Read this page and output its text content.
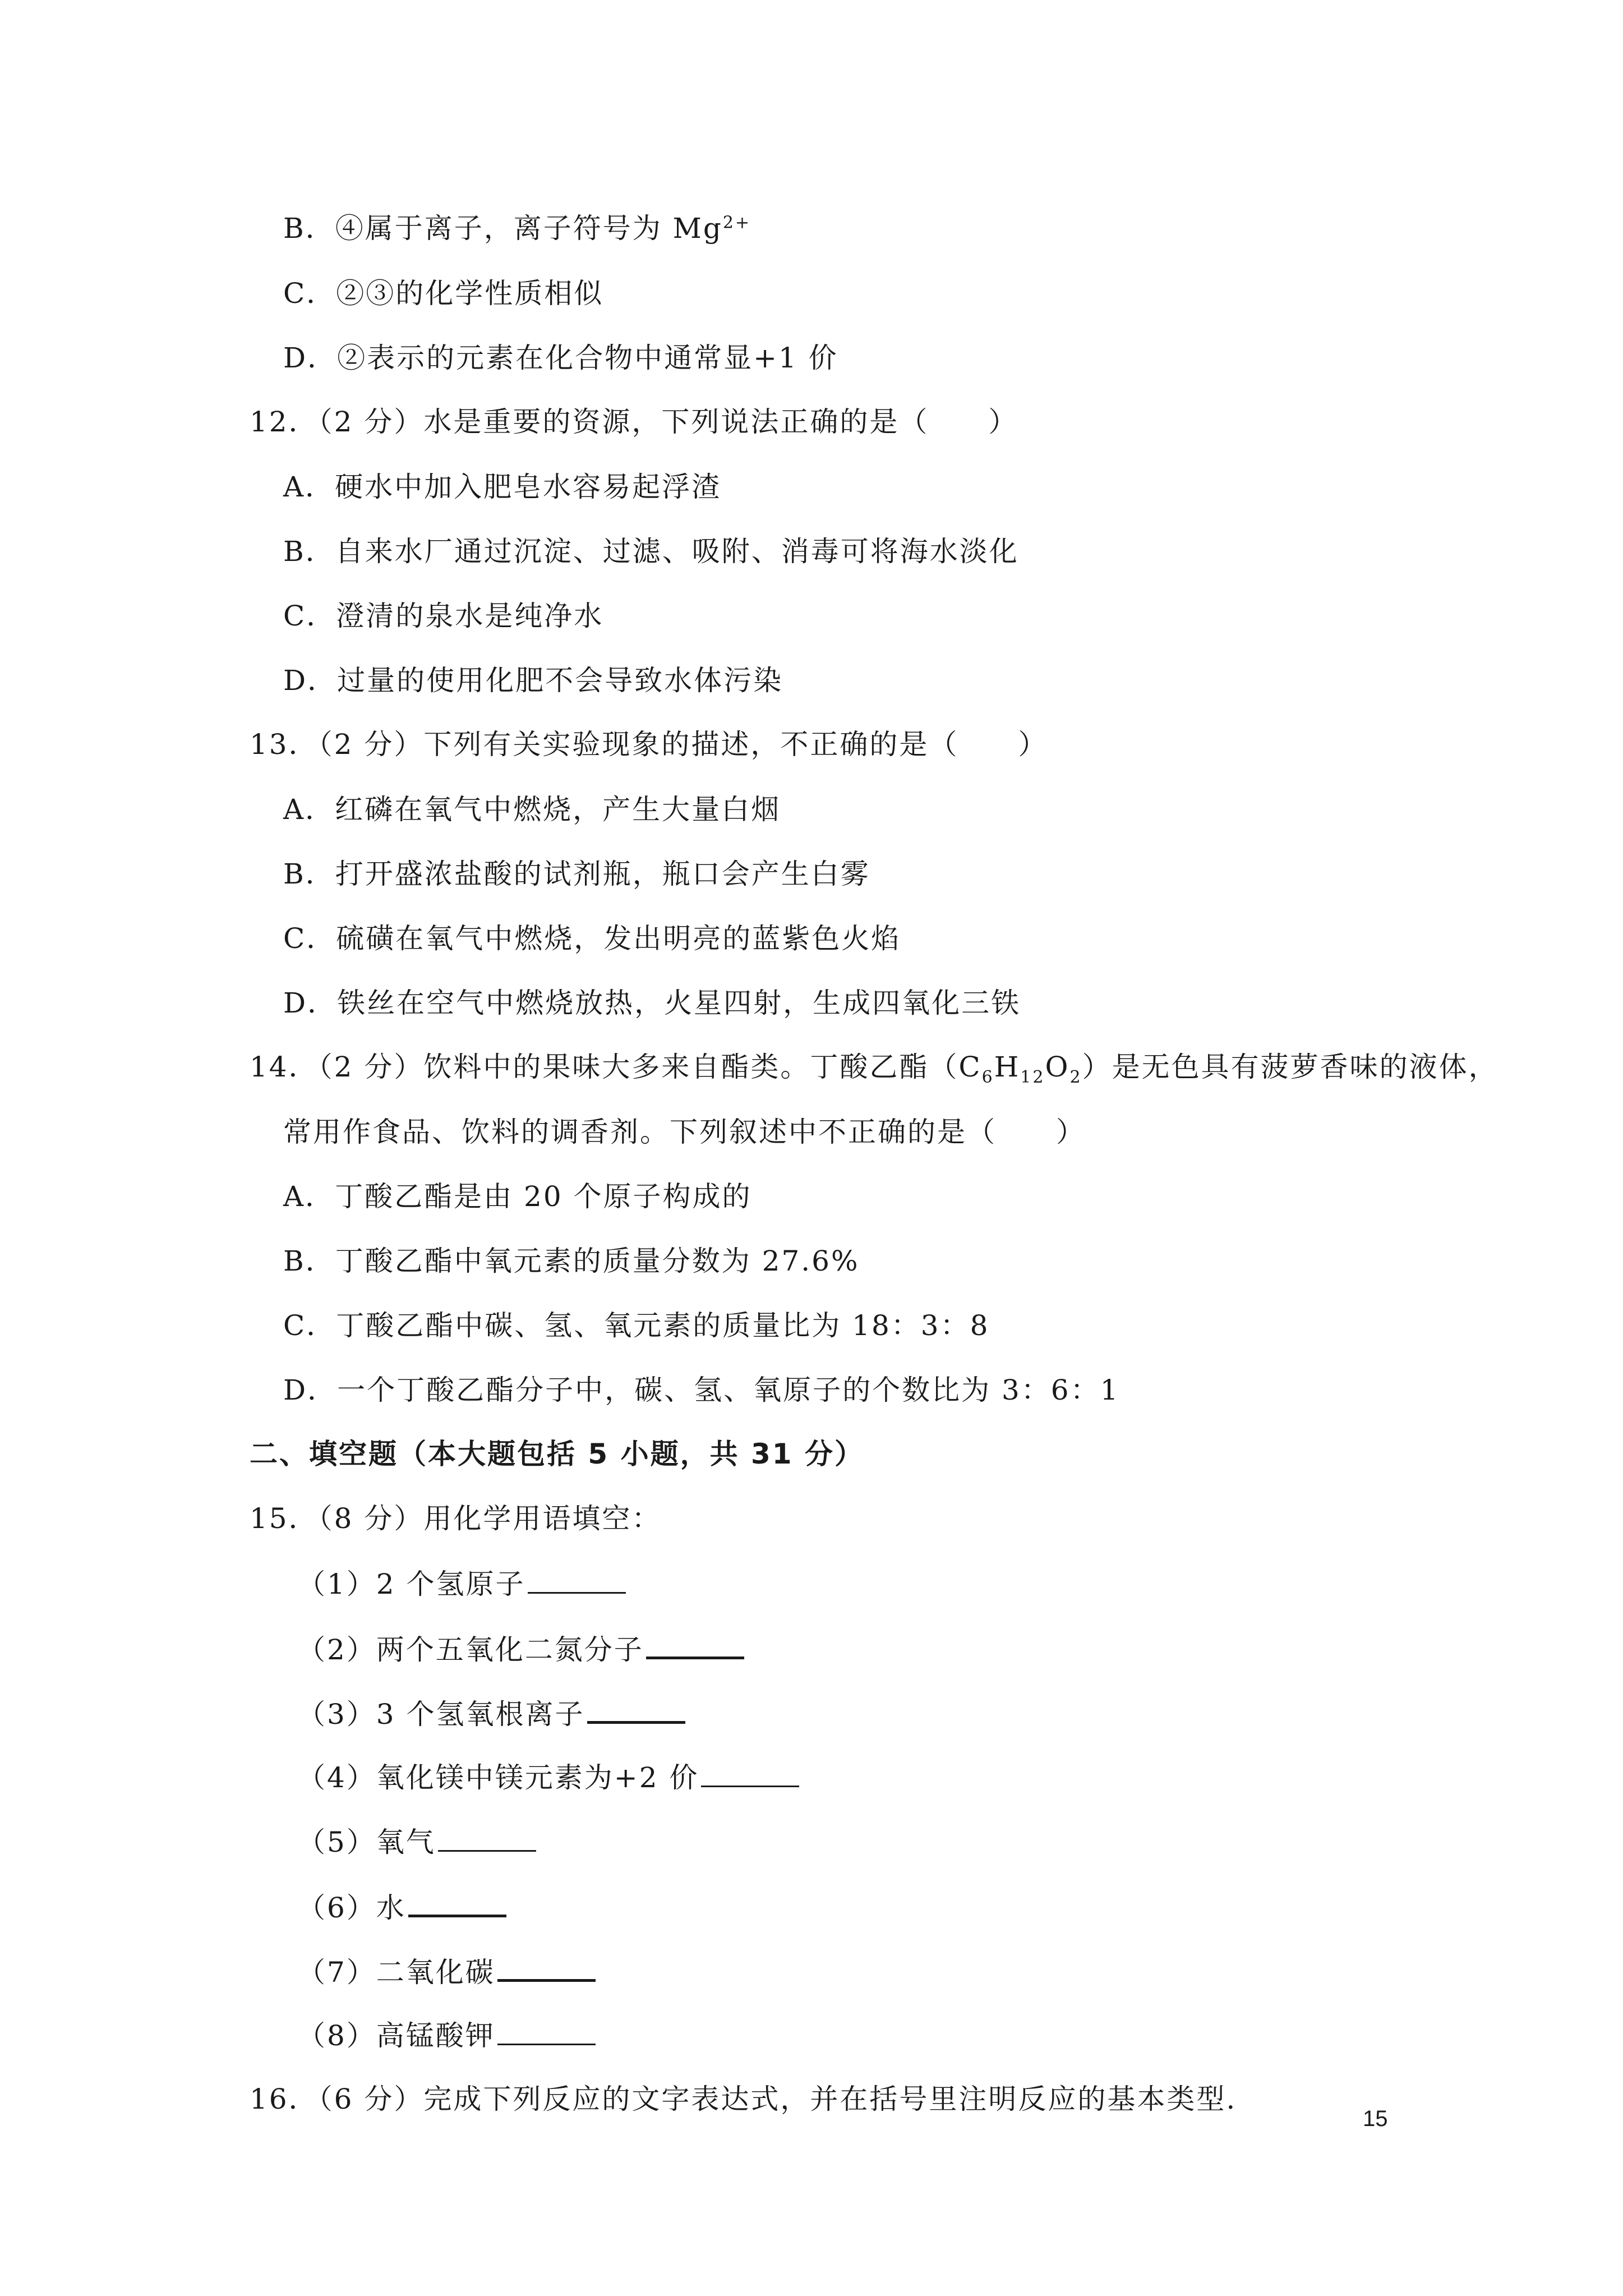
B．④属于离子，离子符号为 $Mg^{2+}$
C．②③的化学性质相似
D．②表示的元素在化合物中通常显+1 价
12．（2 分）水是重要的资源，下列说法正确的是（　　）
A．硬水中加入肥皂水容易起浮渣
B．自来水厂通过沉淀、过滤、吸附、消毒可将海水淡化
C．澄清的泉水是纯净水
D．过量的使用化肥不会导致水体污染
13．（2 分）下列有关实验现象的描述，不正确的是（　　）
A．红磷在氧气中燃烧，产生大量白烟
B．打开盛浓盐酸的试剂瓶，瓶口会产生白雾
C．硫磺在氧气中燃烧，发出明亮的蓝紫色火焰
D．铁丝在空气中燃烧放热，火星四射，生成四氧化三铁
14．（2 分）饮料中的果味大多来自酯类。丁酸乙酯$(C_6H_{12}O_2)$是无色具有菠萝香味的液体，
常用作食品、饮料的调香剂。下列叙述中不正确的是（　　）
A．丁酸乙酯是由 20 个原子构成的
B．丁酸乙酯中氧元素的质量分数为 27.6%
C．丁酸乙酯中碳、氢、氧元素的质量比为 18：3：8
D．一个丁酸乙酯分子中，碳、氢、氧原子的个数比为 3：6：1
二、填空题（本大题包括 5 小题，共 31 分）
15．（8 分）用化学用语填空：
（1）2 个氢原子
（2）两个五氧化二氮分子
（3）3 个氢氧根离子
（4）氧化镁中镁元素为+2 价
（5）氧气
（6）水
（7）二氧化碳
（8）高锰酸钾
16．（6 分）完成下列反应的文字表达式，并在括号里注明反应的基本类型.
15
